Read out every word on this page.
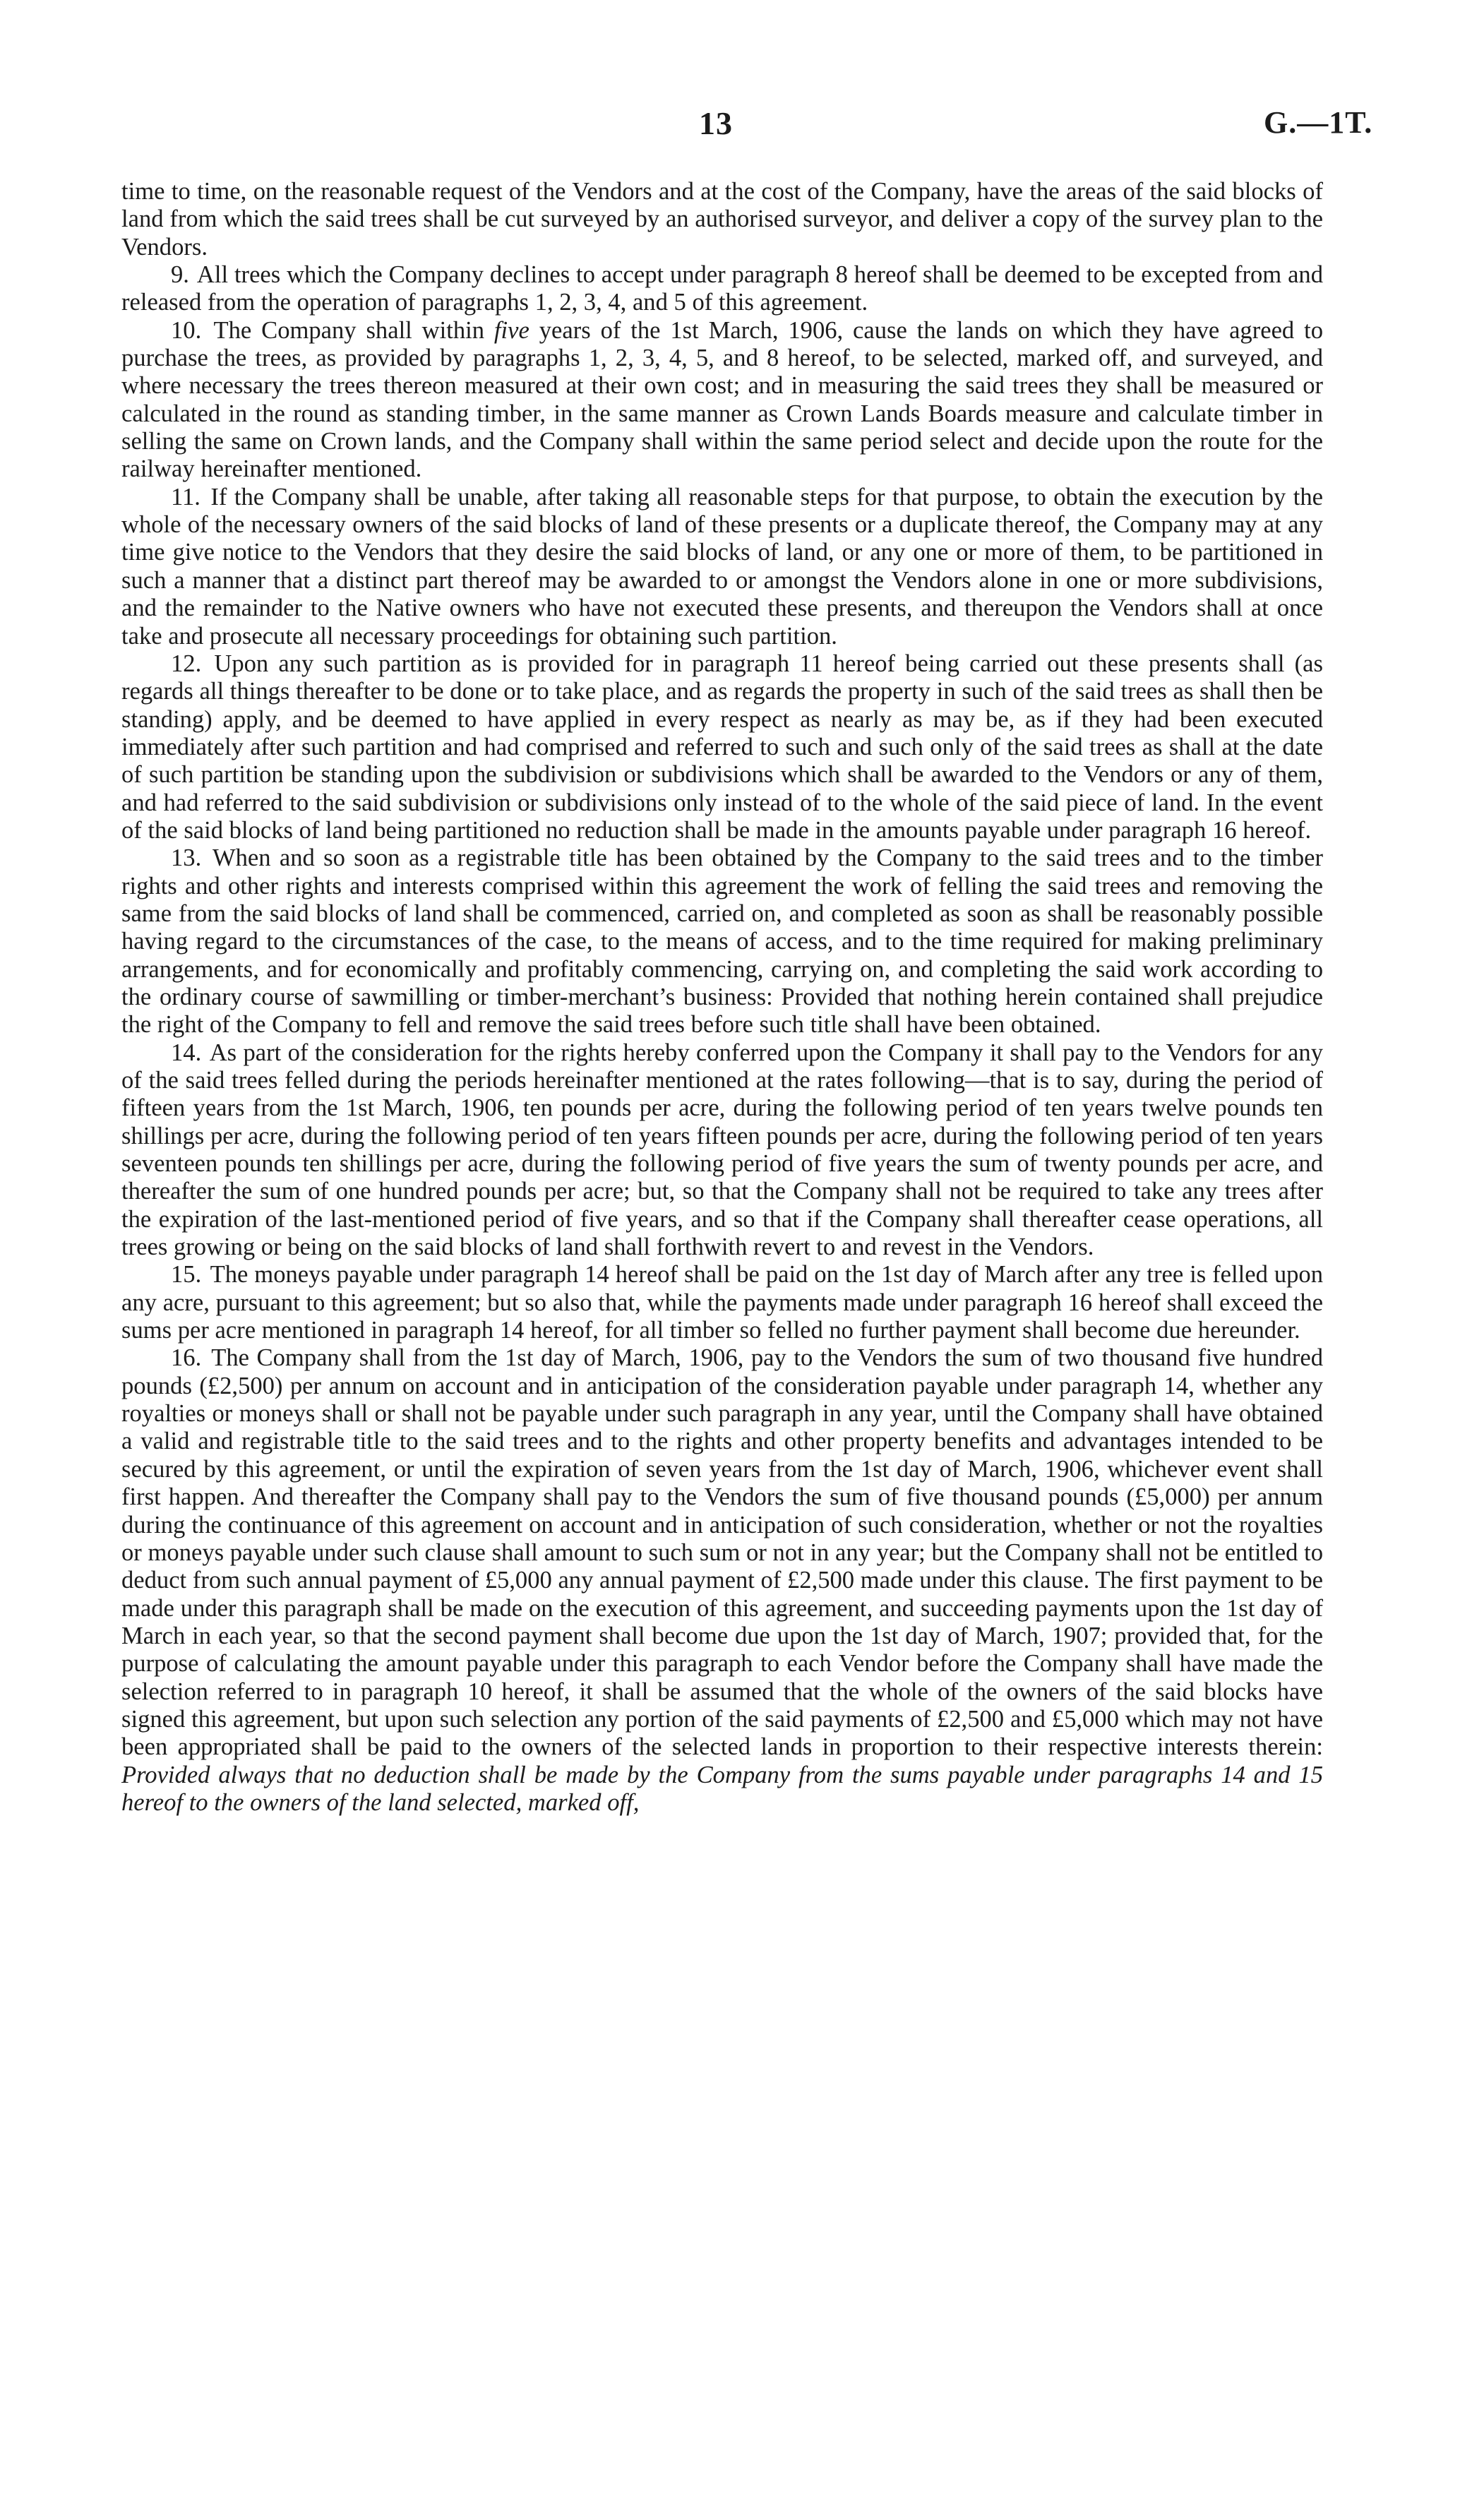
13	G.—1T.

time to time, on the reasonable request of the Vendors and at the cost of the Company, have the areas of the said blocks of land from which the said trees shall be cut surveyed by an authorised surveyor, and deliver a copy of the survey plan to the Vendors.

9. All trees which the Company declines to accept under paragraph 8 hereof shall be deemed to be excepted from and released from the operation of paragraphs 1, 2, 3, 4, and 5 of this agreement.

10. The Company shall within five years of the 1st March, 1906, cause the lands on which they have agreed to purchase the trees, as provided by paragraphs 1, 2, 3, 4, 5, and 8 hereof, to be selected, marked off, and surveyed, and where necessary the trees thereon measured at their own cost; and in measuring the said trees they shall be measured or calculated in the round as standing timber, in the same manner as Crown Lands Boards measure and calculate timber in selling the same on Crown lands, and the Company shall within the same period select and decide upon the route for the railway hereinafter mentioned.

11. If the Company shall be unable, after taking all reasonable steps for that purpose, to obtain the execution by the whole of the necessary owners of the said blocks of land of these presents or a duplicate thereof, the Company may at any time give notice to the Vendors that they desire the said blocks of land, or any one or more of them, to be partitioned in such a manner that a distinct part thereof may be awarded to or amongst the Vendors alone in one or more subdivisions, and the remainder to the Native owners who have not executed these presents, and thereupon the Vendors shall at once take and prosecute all necessary proceedings for obtaining such partition.

12. Upon any such partition as is provided for in paragraph 11 hereof being carried out these presents shall (as regards all things thereafter to be done or to take place, and as regards the property in such of the said trees as shall then be standing) apply, and be deemed to have applied in every respect as nearly as may be, as if they had been executed immediately after such partition and had comprised and referred to such and such only of the said trees as shall at the date of such partition be standing upon the subdivision or subdivisions which shall be awarded to the Vendors or any of them, and had referred to the said subdivision or subdivisions only instead of to the whole of the said piece of land. In the event of the said blocks of land being partitioned no reduction shall be made in the amounts payable under paragraph 16 hereof.

13. When and so soon as a registrable title has been obtained by the Company to the said trees and to the timber rights and other rights and interests comprised within this agreement the work of felling the said trees and removing the same from the said blocks of land shall be commenced, carried on, and completed as soon as shall be reasonably possible having regard to the circumstances of the case, to the means of access, and to the time required for making preliminary arrangements, and for economically and profitably commencing, carrying on, and completing the said work according to the ordinary course of sawmilling or timber-merchant’s business: Provided that nothing herein contained shall prejudice the right of the Company to fell and remove the said trees before such title shall have been obtained.

14. As part of the consideration for the rights hereby conferred upon the Company it shall pay to the Vendors for any of the said trees felled during the periods hereinafter mentioned at the rates following—that is to say, during the period of fifteen years from the 1st March, 1906, ten pounds per acre, during the following period of ten years twelve pounds ten shillings per acre, during the following period of ten years fifteen pounds per acre, during the following period of ten years seventeen pounds ten shillings per acre, during the following period of five years the sum of twenty pounds per acre, and thereafter the sum of one hundred pounds per acre; but, so that the Company shall not be required to take any trees after the expiration of the last-mentioned period of five years, and so that if the Company shall thereafter cease operations, all trees growing or being on the said blocks of land shall forthwith revert to and revest in the Vendors.

15. The moneys payable under paragraph 14 hereof shall be paid on the 1st day of March after any tree is felled upon any acre, pursuant to this agreement; but so also that, while the payments made under paragraph 16 hereof shall exceed the sums per acre mentioned in paragraph 14 hereof, for all timber so felled no further payment shall become due hereunder.

16. The Company shall from the 1st day of March, 1906, pay to the Vendors the sum of two thousand five hundred pounds (£2,500) per annum on account and in anticipation of the consideration payable under paragraph 14, whether any royalties or moneys shall or shall not be payable under such paragraph in any year, until the Company shall have obtained a valid and registrable title to the said trees and to the rights and other property benefits and advantages intended to be secured by this agreement, or until the expiration of seven years from the 1st day of March, 1906, whichever event shall first happen. And thereafter the Company shall pay to the Vendors the sum of five thousand pounds (£5,000) per annum during the continuance of this agreement on account and in anticipation of such consideration, whether or not the royalties or moneys payable under such clause shall amount to such sum or not in any year; but the Company shall not be entitled to deduct from such annual payment of £5,000 any annual payment of £2,500 made under this clause. The first payment to be made under this paragraph shall be made on the execution of this agreement, and succeeding payments upon the 1st day of March in each year, so that the second payment shall become due upon the 1st day of March, 1907; provided that, for the purpose of calculating the amount payable under this paragraph to each Vendor before the Company shall have made the selection referred to in paragraph 10 hereof, it shall be assumed that the whole of the owners of the said blocks have signed this agreement, but upon such selection any portion of the said payments of £2,500 and £5,000 which may not have been appropriated shall be paid to the owners of the selected lands in proportion to their respective interests therein: Provided always that no deduction shall be made by the Company from the sums payable under paragraphs 14 and 15 hereof to the owners of the land selected, marked off,
